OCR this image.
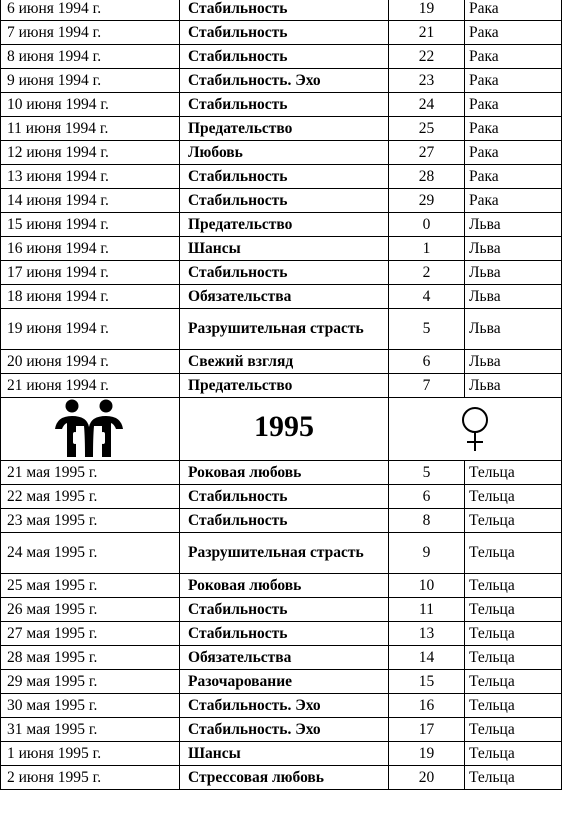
6 июня 1994 г.	Стабильность	19	Рака
7 июня 1994 г.	Стабильность	21	Рака
8 июня 1994 г.	Стабильность	22	Рака
9 июня 1994 г.	Стабильность. Эхо	23	Рака
10 июня 1994 г.	Стабильность	24	Рака
11 июня 1994 г.	Предательство	25	Рака
12 июня 1994 г.	Любовь	27	Рака
13 июня 1994 г.	Стабильность	28	Рака
14 июня 1994 г.	Стабильность	29	Рака
15 июня 1994 г.	Предательство	0	Льва
16 июня 1994 г.	Шансы	1	Льва
17 июня 1994 г.	Стабильность	2	Льва
18 июня 1994 г.	Обязательства	4	Льва
19 июня 1994 г.	Разрушительная страсть	5	Льва
20 июня 1994 г.	Свежий взгляд	6	Льва
21 июня 1994 г.	Предательство	7	Льва

	1995	

21 мая 1995 г.	Роковая любовь	5	Тельца
22 мая 1995 г.	Стабильность	6	Тельца
23 мая 1995 г.	Стабильность	8	Тельца
24 мая 1995 г.	Разрушительная страсть	9	Тельца
25 мая 1995 г.	Роковая любовь	10	Тельца
26 мая 1995 г.	Стабильность	11	Тельца
27 мая 1995 г.	Стабильность	13	Тельца
28 мая 1995 г.	Обязательства	14	Тельца
29 мая 1995 г.	Разочарование	15	Тельца
30 мая 1995 г.	Стабильность. Эхо	16	Тельца
31 мая 1995 г.	Стабильность. Эхо	17	Тельца
1 июня 1995 г.	Шансы	19	Тельца
2 июня 1995 г.	Стрессовая любовь	20	Тельца
